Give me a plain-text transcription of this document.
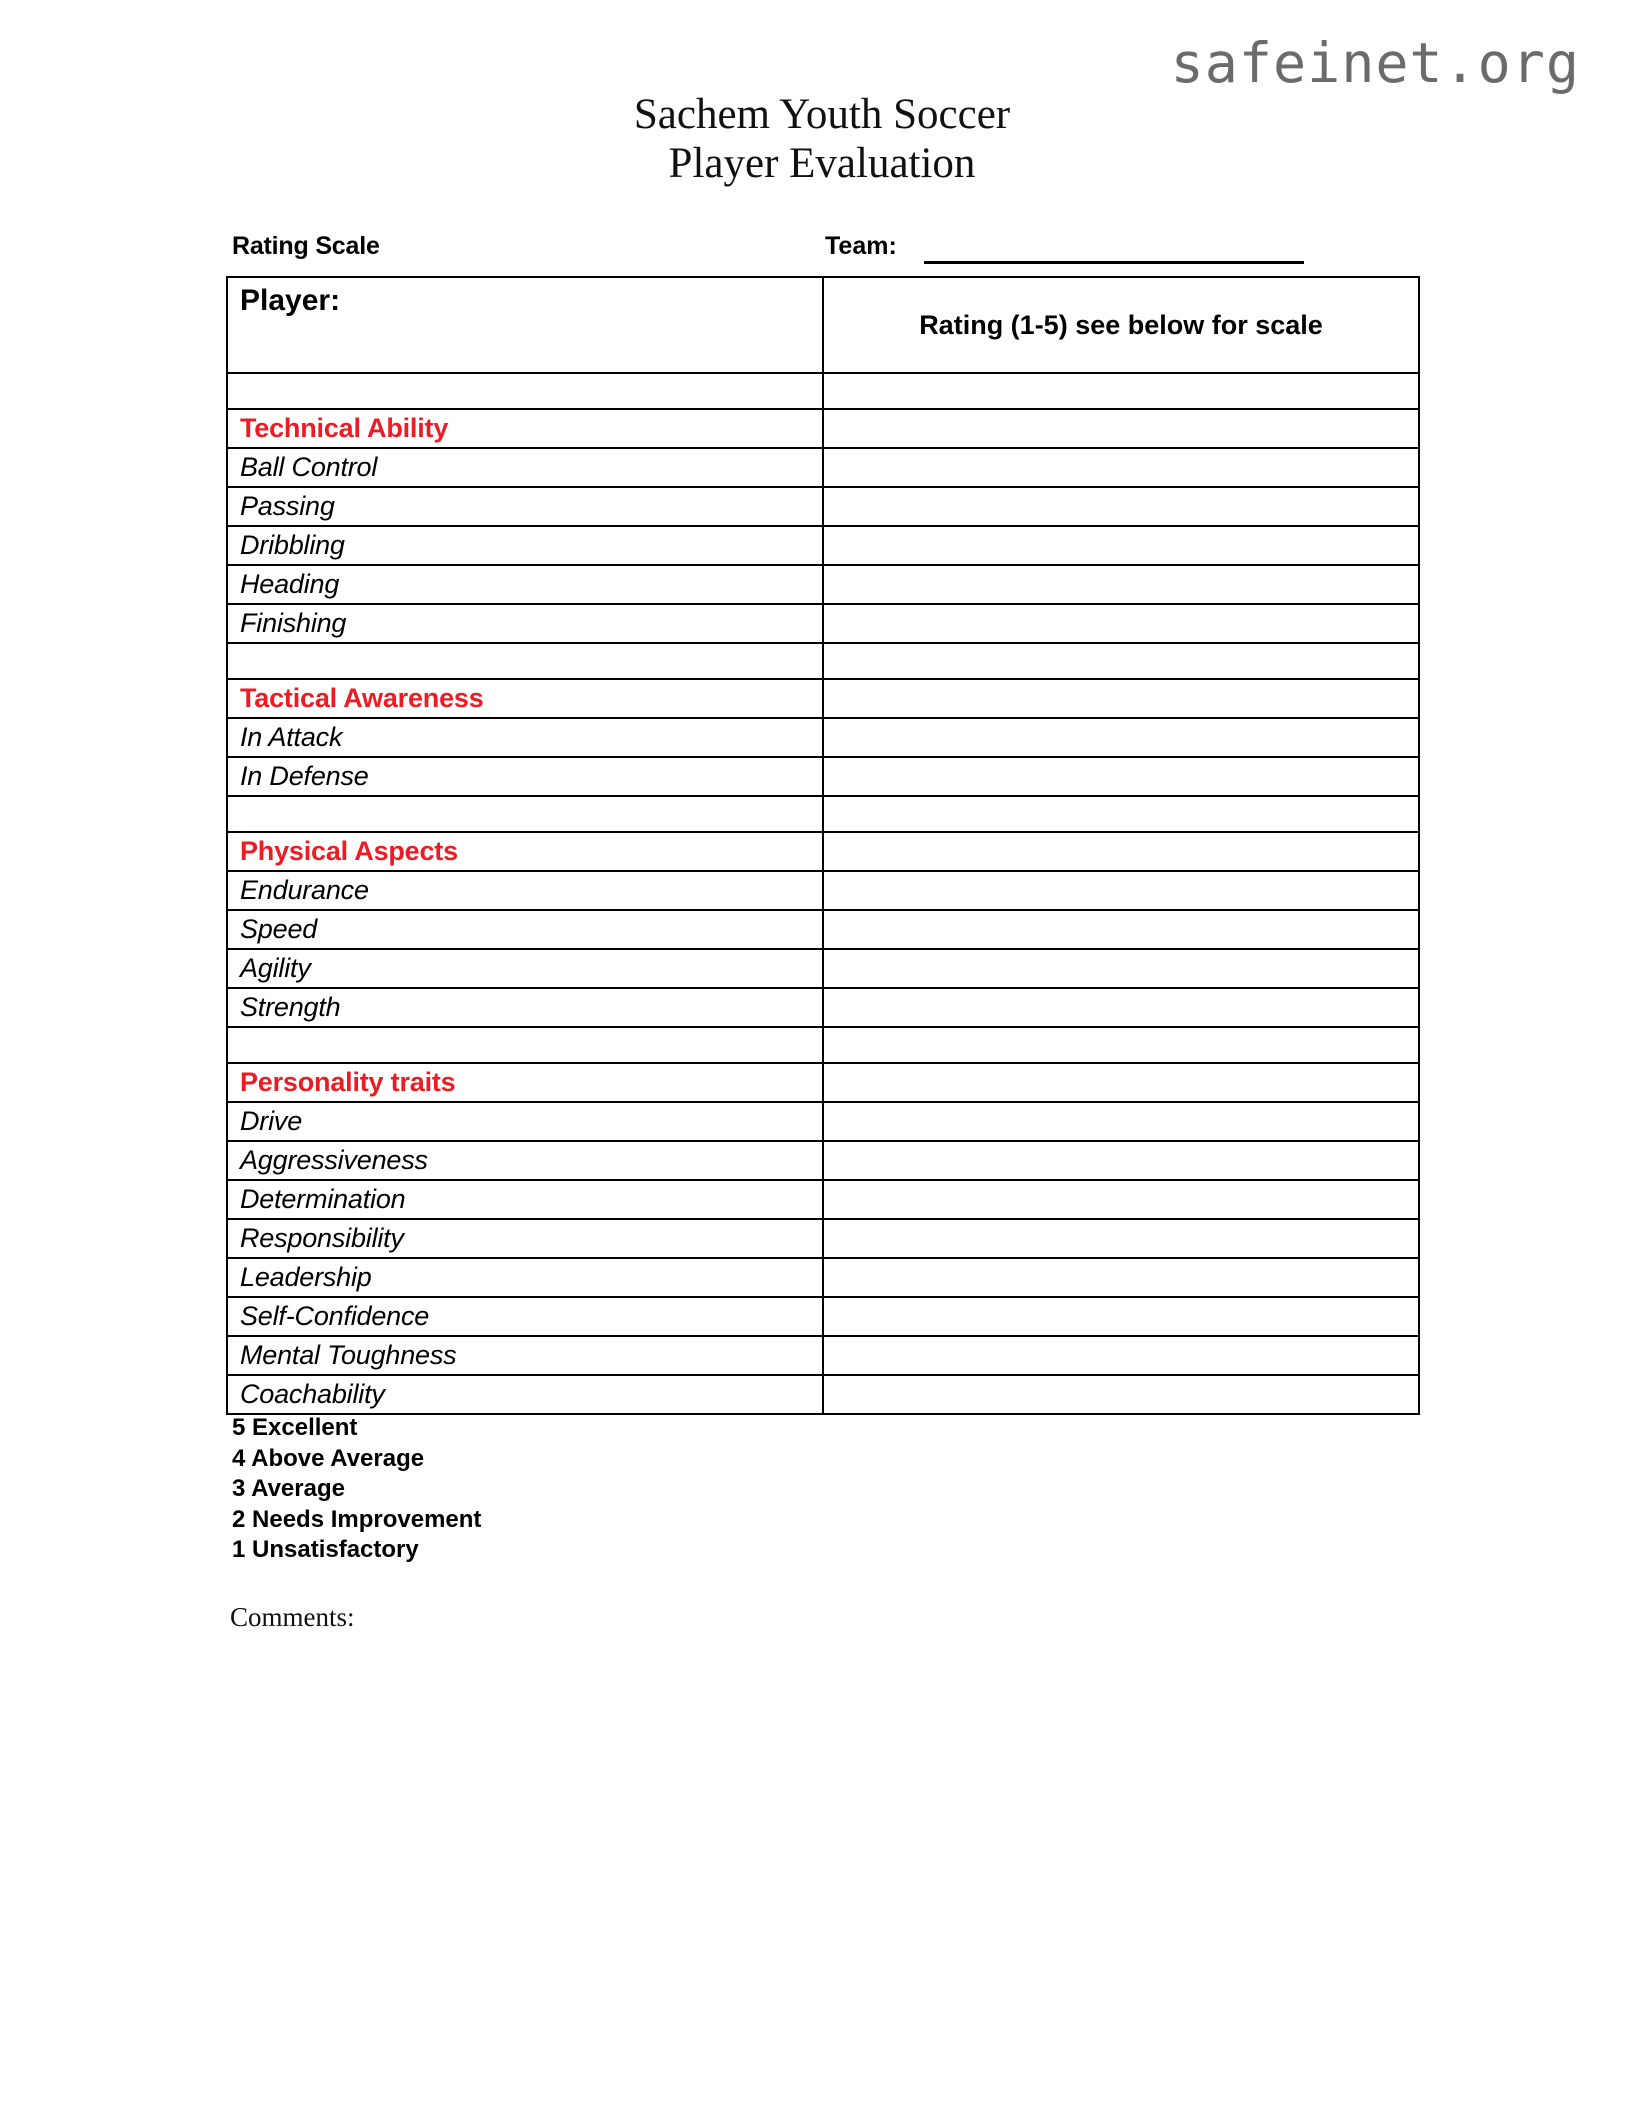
safeinet.org
Sachem Youth Soccer
Player Evaluation
Rating Scale	Team:
Player:	Rating (1-5) see below for scale

Technical Ability	
Ball Control	
Passing	
Dribbling	
Heading	
Finishing	

Tactical Awareness	
In Attack	
In Defense	

Physical Aspects	
Endurance	
Speed	
Agility	
Strength	

Personality traits	
Drive	
Aggressiveness	
Determination	
Responsibility	
Leadership	
Self-Confidence	
Mental Toughness	
Coachability	
5 Excellent
4 Above Average
3 Average
2 Needs Improvement
1 Unsatisfactory
Comments:
